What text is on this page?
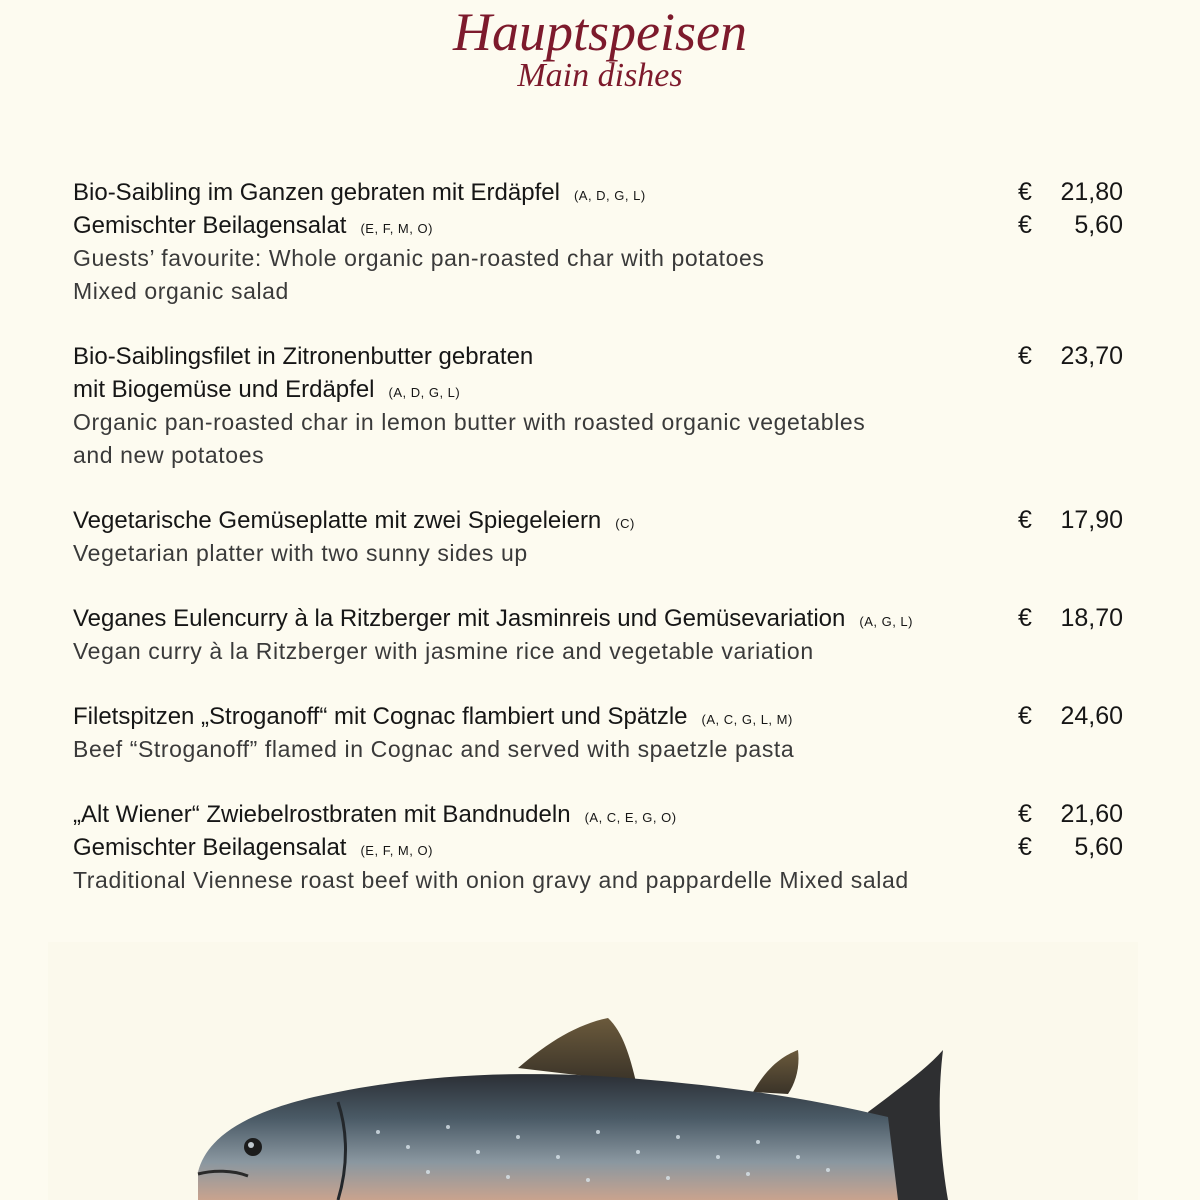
Hauptspeisen
Main dishes
Bio-Saibling im Ganzen gebraten mit Erdäpfel (A, D, G, L)	€ 21,80
Gemischter Beilagensalat (E, F, M, O)	€ 5,60
Guests’ favourite: Whole organic pan-roasted char with potatoes
Mixed organic salad
Bio-Saiblingsfilet in Zitronenbutter gebraten	€ 23,70
mit Biogemüse und Erdäpfel (A, D, G, L)
Organic pan-roasted char in lemon butter with roasted organic vegetables
and new potatoes
Vegetarische Gemüseplatte mit zwei Spiegeleiern (C)	€ 17,90
Vegetarian platter with two sunny sides up
Veganes Eulencurry à la Ritzberger mit Jasminreis und Gemüsevariation (A, G, L)	€ 18,70
Vegan curry à la Ritzberger with jasmine rice and vegetable variation
Filetspitzen „Stroganoff“ mit Cognac flambiert und Spätzle (A, C, G, L, M)	€ 24,60
Beef “Stroganoff” flamed in Cognac and served with spaetzle pasta
„Alt Wiener“ Zwiebelrostbraten mit Bandnudeln (A, C, E, G, O)	€ 21,60
Gemischter Beilagensalat (E, F, M, O)	€ 5,60
Traditional Viennese roast beef with onion gravy and pappardelle Mixed salad
